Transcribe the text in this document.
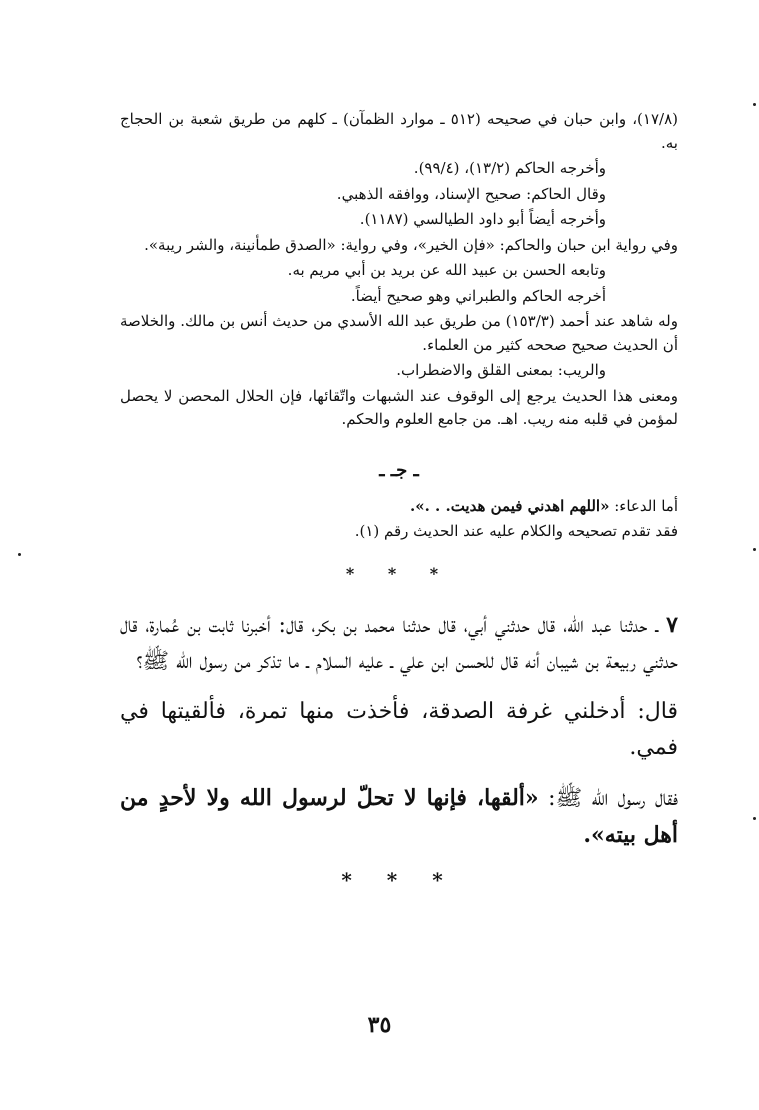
(١٧/٨)، وابن حبان في صحيحه (٥١٢ ـ موارد الظمآن) ـ كلهم من طريق شعبة بن الحجاج به.

وأخرجه الحاكم (١٣/٢)، (٩٩/٤).

وقال الحاكم: صحيح الإسناد، ووافقه الذهبي.

وأخرجه أيضاً أبو داود الطيالسي (١١٨٧).

وفي رواية ابن حبان والحاكم: «فإن الخير»، وفي رواية: «الصدق طمأنينة، والشر ريبة».

وتابعه الحسن بن عبيد الله عن بريد بن أبي مريم به.

أخرجه الحاكم والطبراني وهو صحيح أيضاً.

وله شاهد عند أحمد (١٥٣/٣) من طريق عبد الله الأسدي من حديث أنس بن مالك. والخلاصة أن الحديث صحيح صححه كثير من العلماء.

والريب: بمعنى القلق والاضطراب.

ومعنى هذا الحديث يرجع إلى الوقوف عند الشبهات واتّقائها، فإن الحلال المحصن لا يحصل لمؤمن في قلبه منه ريب. اهـ. من جامع العلوم والحكم.

ـ جـ ـ

أما الدعاء: «اللهم اهدني فيمن هديت. . .».

فقد تقدم تصحيحه والكلام عليه عند الحديث رقم (١).

* * *

٧ـ حدثنا عبد الله، قال حدثني أبي، قال حدثنا محمد بن بكر، قال: أخبرنا ثابت بن عُمارة، قال حدثني ربيعة بن شيبان أنه قال للحسن ابن علي ـ عليه السلام ـ ما تذكر من رسول الله ﷺ؟

قال: أدخلني غرفة الصدقة، فأخذت منها تمرة، فألقيتها في فمي.

فقال رسول الله ﷺ: «ألقها، فإنها لا تحلّ لرسول الله ولا لأحدٍ من أهل بيته».

* * *
٣٥
